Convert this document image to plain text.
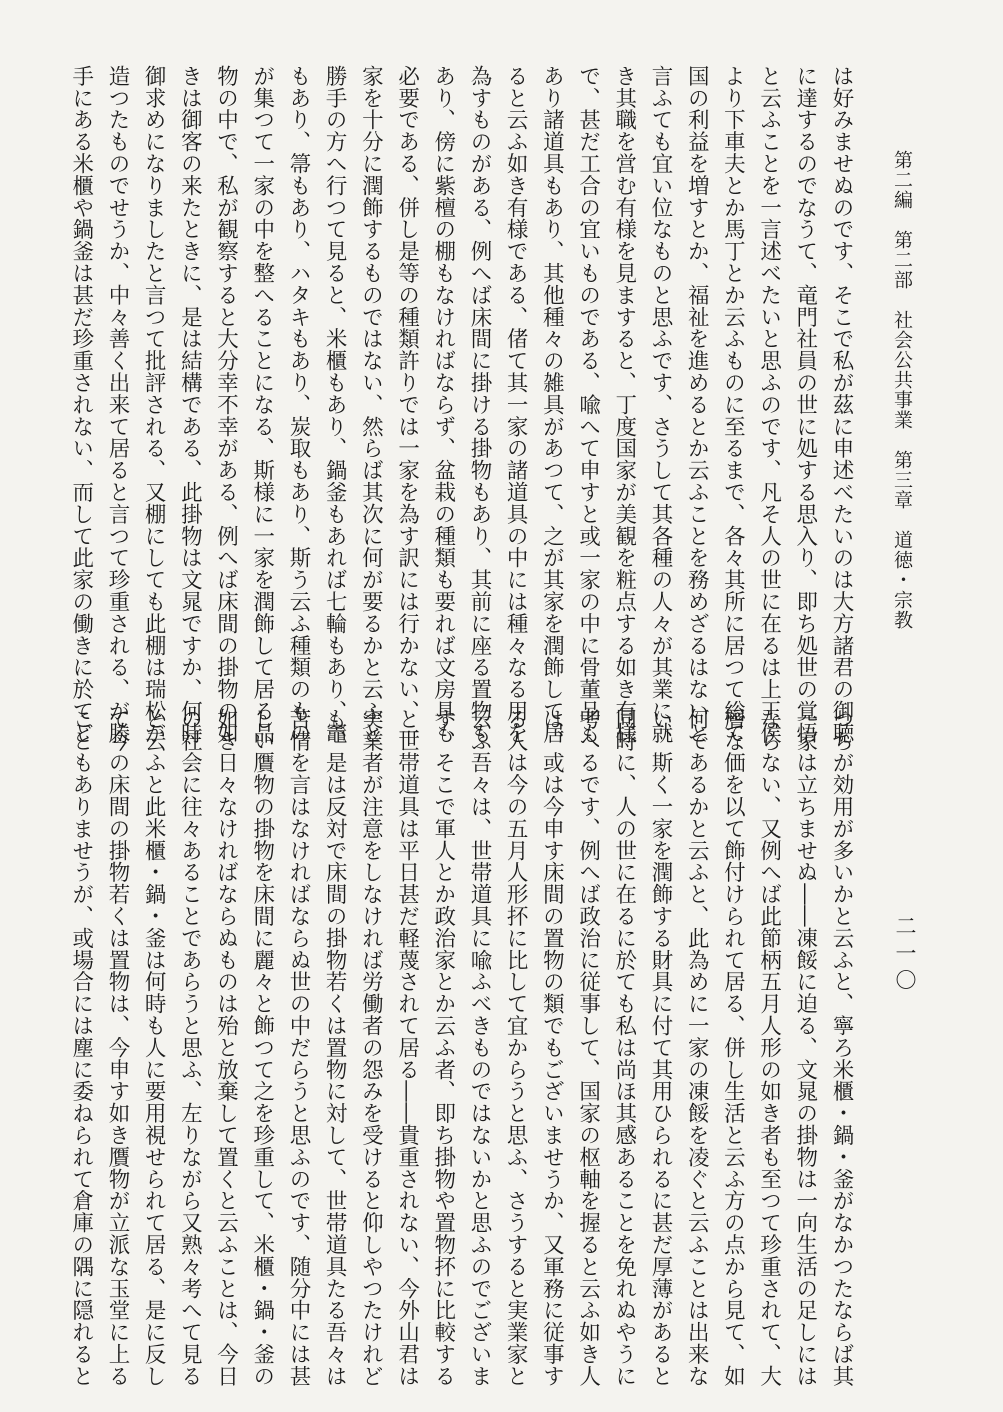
第二編　第二部　社会公共事業　第三章　道徳・宗教
二一〇
は好みませぬのです、そこで私が茲に申述べたいのは大方諸君の御聴
に達するのでなうて、竜門社員の世に処する思入り、即ち処世の覚悟
と云ふことを一言述べたいと思ふのです、凡そ人の世に在るは上王侯
より下車夫とか馬丁とか云ふものに至るまで、各々其所に居つて総て
国の利益を増すとか、福祉を進めるとか云ふことを務めざるはないと
言ふても宜い位なものと思ふです、さうして其各種の人々が其業に就
き其職を営む有様を見ますると、丁度国家が美観を粧点する如き有様
で、甚だ工合の宜いものである、喩へて申すと或一家の中に骨董品も
あり諸道具もあり、其他種々の雑具があつて、之が其家を潤飾して居
ると云ふ如き有様である、偖て其一家の諸道具の中には種々なる用を
為すものがある、例へば床間に掛ける掛物もあり、其前に座る置物も
あり、傍に紫檀の棚もなければならず、盆栽の種類も要れば文房具も
必要である、併し是等の種類許りでは一家を為す訳には行かない、一
家を十分に潤飾するものではない、然らば其次に何が要るかと云ふと
勝手の方へ行つて見ると、米櫃もあり、鍋釜もあれば七輪もあり、竈
もあり、箒もあり、ハタキもあり、炭取もあり、斯う云ふ種類のもの
が集つて一家の中を整へることになる、斯様に一家を潤飾して居る品
物の中で、私が観察すると大分幸不幸がある、例へば床間の掛物の如
きは御客の来たときに、是は結構である、此掛物は文晁ですか、何時
御求めになりましたと言つて批評される、又棚にしても此棚は瑞松が
造つたものでせうか、中々善く出来て居ると言つて珍重される、が勝
手にある米櫃や鍋釜は甚だ珍重されない、而して此家の働きに於てど
つちが効用が多いかと云ふと、寧ろ米櫃・鍋・釜がなかつたならば其
一家は立ちませぬ――凍餒に迫る、文晁の掛物は一向生活の足しには
ならない、又例へば此節柄五月人形の如き者も至つて珍重されて、大
層な価を以て飾付けられて居る、併し生活と云ふ方の点から見て、如
何であるかと云ふと、此為めに一家の凍餒を凌ぐと云ふことは出来な
い、斯く一家を潤飾する財具に付て其用ひられるに甚だ厚薄があると
同時に、人の世に在るに於ても私は尚ほ其感あることを免れぬやうに
考へるです、例へば政治に従事して、国家の枢軸を握ると云ふ如き人
は、或は今申す床間の置物の類でもございませうか、又軍務に従事す
る人は今の五月人形抔に比して宜からうと思ふ、さうすると実業家と
云ふ吾々は、世帯道具に喩ふべきものではないかと思ふのでございま
す、そこで軍人とか政治家とか云ふ者、即ち掛物や置物抔に比較する
と世帯道具は平日甚だ軽蔑されて居る――貴重されない、今外山君は
実業者が注意をしなければ労働者の怨みを受けると仰しやつたけれど
も、是は反対で床間の掛物若くは置物に対して、世帯道具たる吾々は
苦情を言はなければならぬ世の中だらうと思ふのです、随分中には甚
しい贋物の掛物を床間に麗々と飾つて之を珍重して、米櫃・鍋・釜の
如き日々なければならぬものは殆と放棄して置くと云ふことは、今日
の社会に往々あることであらうと思ふ、左りながら又熟々考へて見る
と云ふと此米櫃・鍋・釜は何時も人に要用視せられて居る、是に反し
て今の床間の掛物若くは置物は、今申す如き贋物が立派な玉堂に上る
こともありませうが、或場合には塵に委ねられて倉庫の隅に隠れると
